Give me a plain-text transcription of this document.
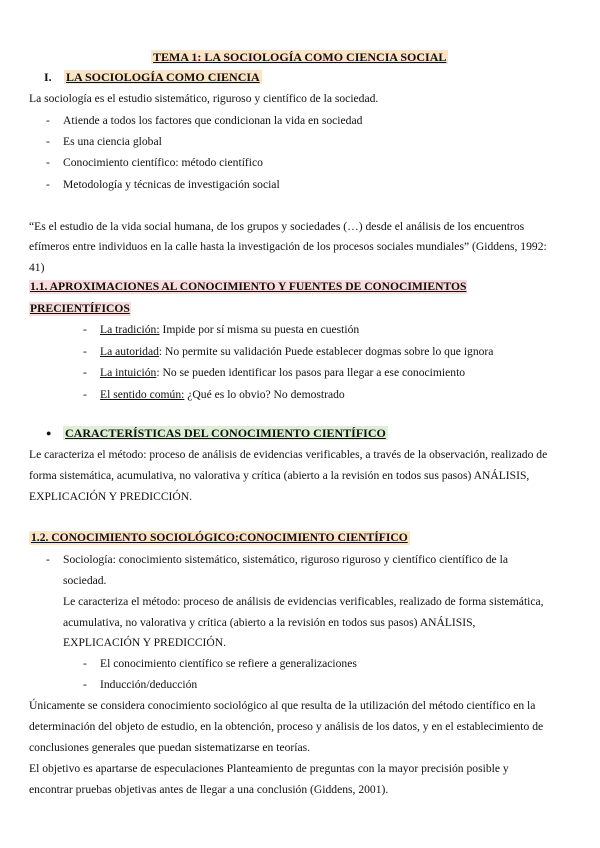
TEMA 1: LA SOCIOLOGÍA COMO CIENCIA SOCIAL
I. LA SOCIOLOGÍA COMO CIENCIA
La sociología es el estudio sistemático, riguroso y científico de la sociedad.
- Atiende a todos los factores que condicionan la vida en sociedad
- Es una ciencia global
- Conocimiento científico: método científico
- Metodología y técnicas de investigación social
“Es el estudio de la vida social humana, de los grupos y sociedades (…) desde el análisis de los encuentros
efímeros entre individuos en la calle hasta la investigación de los procesos sociales mundiales” (Giddens, 1992:
41)
1.1. APROXIMACIONES AL CONOCIMIENTO Y FUENTES DE CONOCIMIENTOS
PRECIENTÍFICOS
- La tradición: Impide por sí misma su puesta en cuestión
- La autoridad: No permite su validación Puede establecer dogmas sobre lo que ignora
- La intuición: No se pueden identificar los pasos para llegar a ese conocimiento
- El sentido común: ¿Qué es lo obvio? No demostrado
● CARACTERÍSTICAS DEL CONOCIMIENTO CIENTÍFICO
Le caracteriza el método: proceso de análisis de evidencias verificables, a través de la observación, realizado de
forma sistemática, acumulativa, no valorativa y crítica (abierto a la revisión en todos sus pasos) ANÁLISIS,
EXPLICACIÓN Y PREDICCIÓN.
1.2. CONOCIMIENTO SOCIOLÓGICO:CONOCIMIENTO CIENTÍFICO
- Sociología: conocimiento sistemático, sistemático, riguroso riguroso y científico científico de la
sociedad.
Le caracteriza el método: proceso de análisis de evidencias verificables, realizado de forma sistemática,
acumulativa, no valorativa y crítica (abierto a la revisión en todos sus pasos) ANÁLISIS,
EXPLICACIÓN Y PREDICCIÓN.
- El conocimiento científico se refiere a generalizaciones
- Inducción/deducción
Únicamente se considera conocimiento sociológico al que resulta de la utilización del método científico en la
determinación del objeto de estudio, en la obtención, proceso y análisis de los datos, y en el establecimiento de
conclusiones generales que puedan sistematizarse en teorías.
El objetivo es apartarse de especulaciones Planteamiento de preguntas con la mayor precisión posible y
encontrar pruebas objetivas antes de llegar a una conclusión (Giddens, 2001).
